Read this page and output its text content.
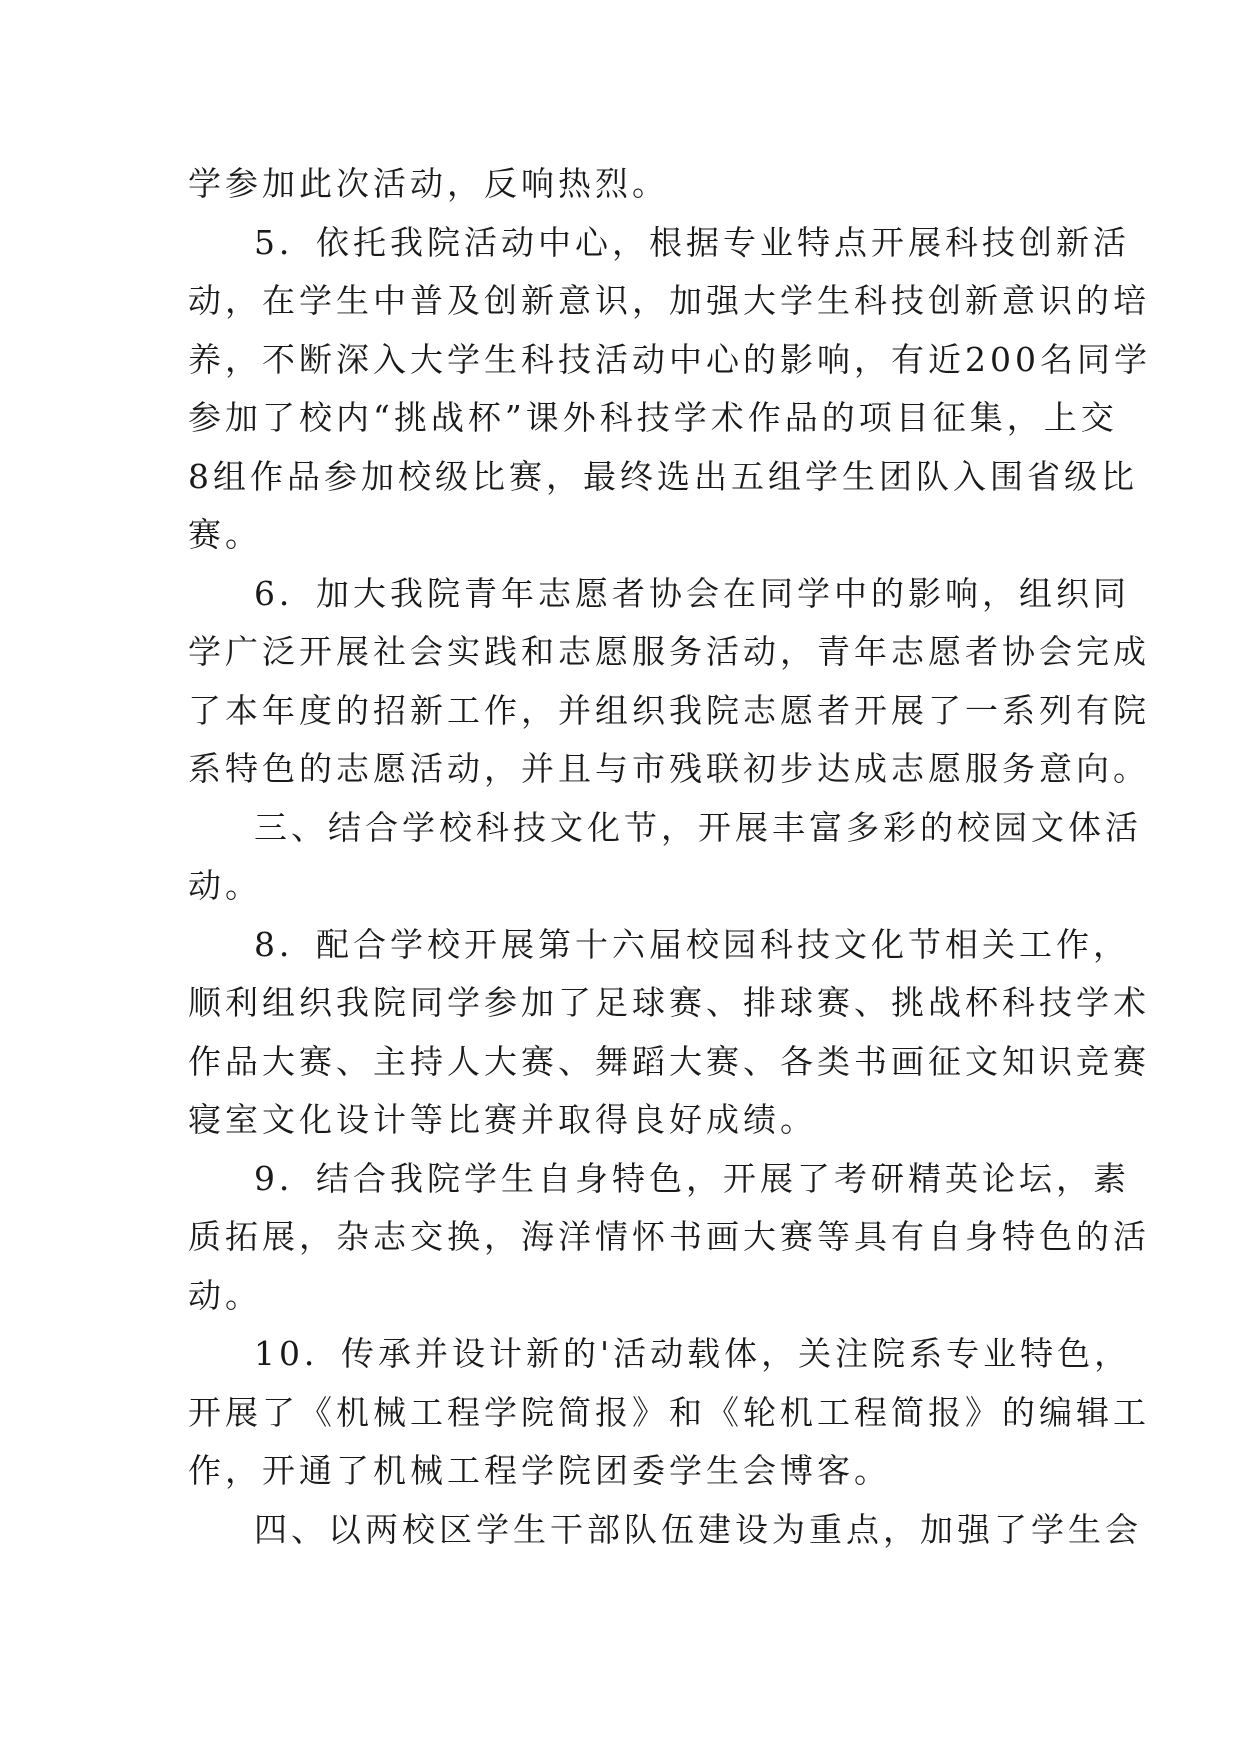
学参加此次活动，反响热烈。
5．依托我院活动中心，根据专业特点开展科技创新活
动，在学生中普及创新意识，加强大学生科技创新意识的培
养，不断深入大学生科技活动中心的影响，有近200名同学
参加了校内“挑战杯”课外科技学术作品的项目征集，上交
8组作品参加校级比赛，最终选出五组学生团队入围省级比
赛。
6．加大我院青年志愿者协会在同学中的影响，组织同
学广泛开展社会实践和志愿服务活动，青年志愿者协会完成
了本年度的招新工作，并组织我院志愿者开展了一系列有院
系特色的志愿活动，并且与市残联初步达成志愿服务意向。
三、结合学校科技文化节，开展丰富多彩的校园文体活
动。
8．配合学校开展第十六届校园科技文化节相关工作，
顺利组织我院同学参加了足球赛、排球赛、挑战杯科技学术
作品大赛、主持人大赛、舞蹈大赛、各类书画征文知识竞赛
寝室文化设计等比赛并取得良好成绩。
9．结合我院学生自身特色，开展了考研精英论坛，素
质拓展，杂志交换，海洋情怀书画大赛等具有自身特色的活
动。
10．传承并设计新的'活动载体，关注院系专业特色，
开展了《机械工程学院简报》和《轮机工程简报》的编辑工
作，开通了机械工程学院团委学生会博客。
四、以两校区学生干部队伍建设为重点，加强了学生会
